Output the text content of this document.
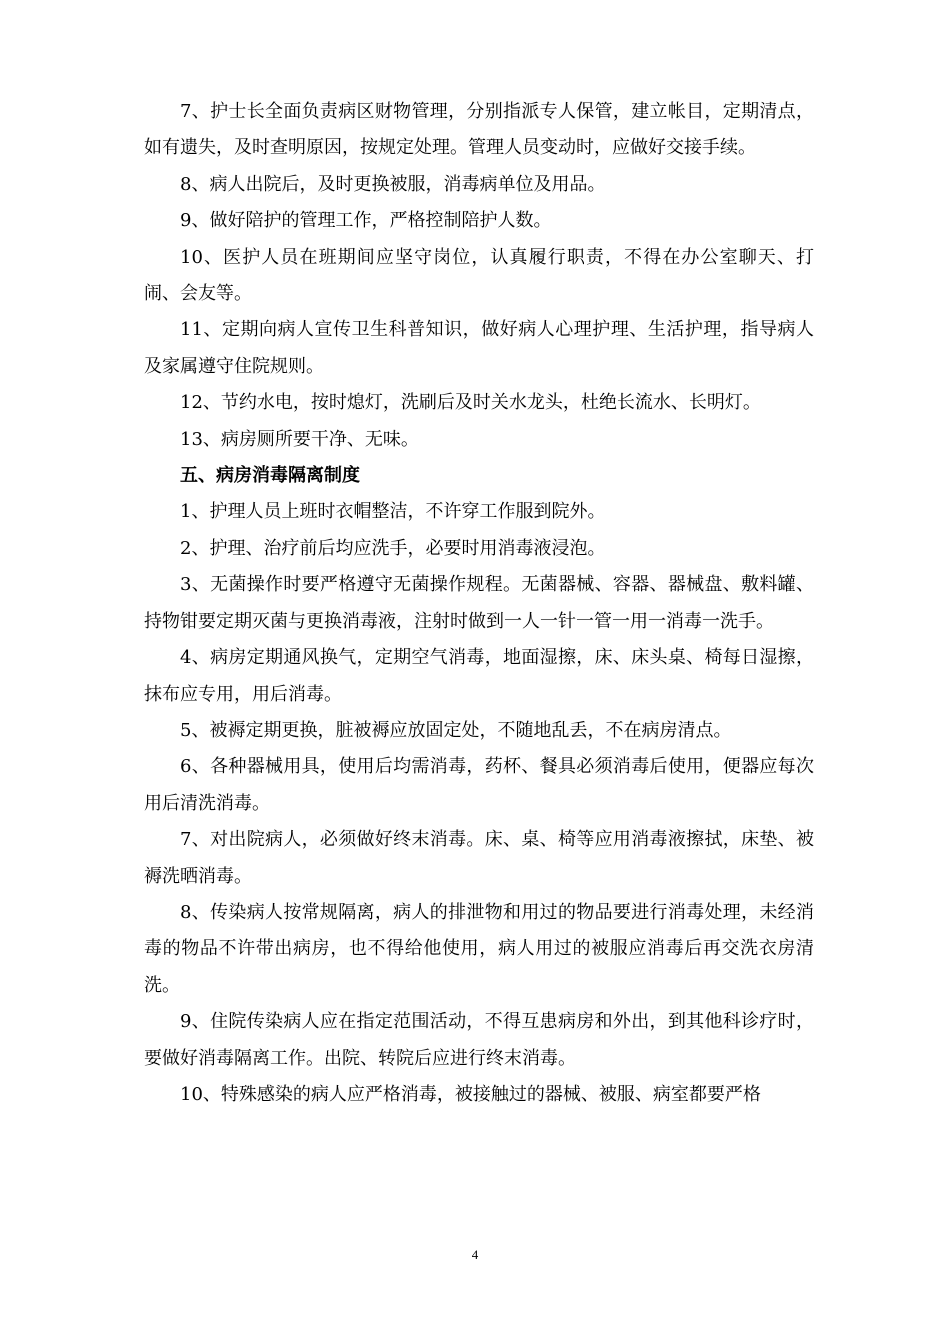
7、护士长全面负责病区财物管理，分别指派专人保管，建立帐目，定期清点，如有遗失，及时查明原因，按规定处理。管理人员变动时，应做好交接手续。

8、病人出院后，及时更换被服，消毒病单位及用品。

9、做好陪护的管理工作，严格控制陪护人数。

10、医护人员在班期间应坚守岗位，认真履行职责，不得在办公室聊天、打闹、会友等。

11、定期向病人宣传卫生科普知识，做好病人心理护理、生活护理，指导病人及家属遵守住院规则。

12、节约水电，按时熄灯，洗刷后及时关水龙头，杜绝长流水、长明灯。

13、病房厕所要干净、无味。

五、病房消毒隔离制度

1、护理人员上班时衣帽整洁，不许穿工作服到院外。

2、护理、治疗前后均应洗手，必要时用消毒液浸泡。

3、无菌操作时要严格遵守无菌操作规程。无菌器械、容器、器械盘、敷料罐、持物钳要定期灭菌与更换消毒液，注射时做到一人一针一管一用一消毒一洗手。

4、病房定期通风换气，定期空气消毒，地面湿擦，床、床头桌、椅每日湿擦，抹布应专用，用后消毒。

5、被褥定期更换，脏被褥应放固定处，不随地乱丢，不在病房清点。

6、各种器械用具，使用后均需消毒，药杯、餐具必须消毒后使用，便器应每次用后清洗消毒。

7、对出院病人，必须做好终末消毒。床、桌、椅等应用消毒液擦拭，床垫、被褥洗晒消毒。

8、传染病人按常规隔离，病人的排泄物和用过的物品要进行消毒处理，未经消毒的物品不许带出病房，也不得给他使用，病人用过的被服应消毒后再交洗衣房清洗。

9、住院传染病人应在指定范围活动，不得互患病房和外出，到其他科诊疗时，要做好消毒隔离工作。出院、转院后应进行终末消毒。

10、特殊感染的病人应严格消毒，被接触过的器械、被服、病室都要严格

4
